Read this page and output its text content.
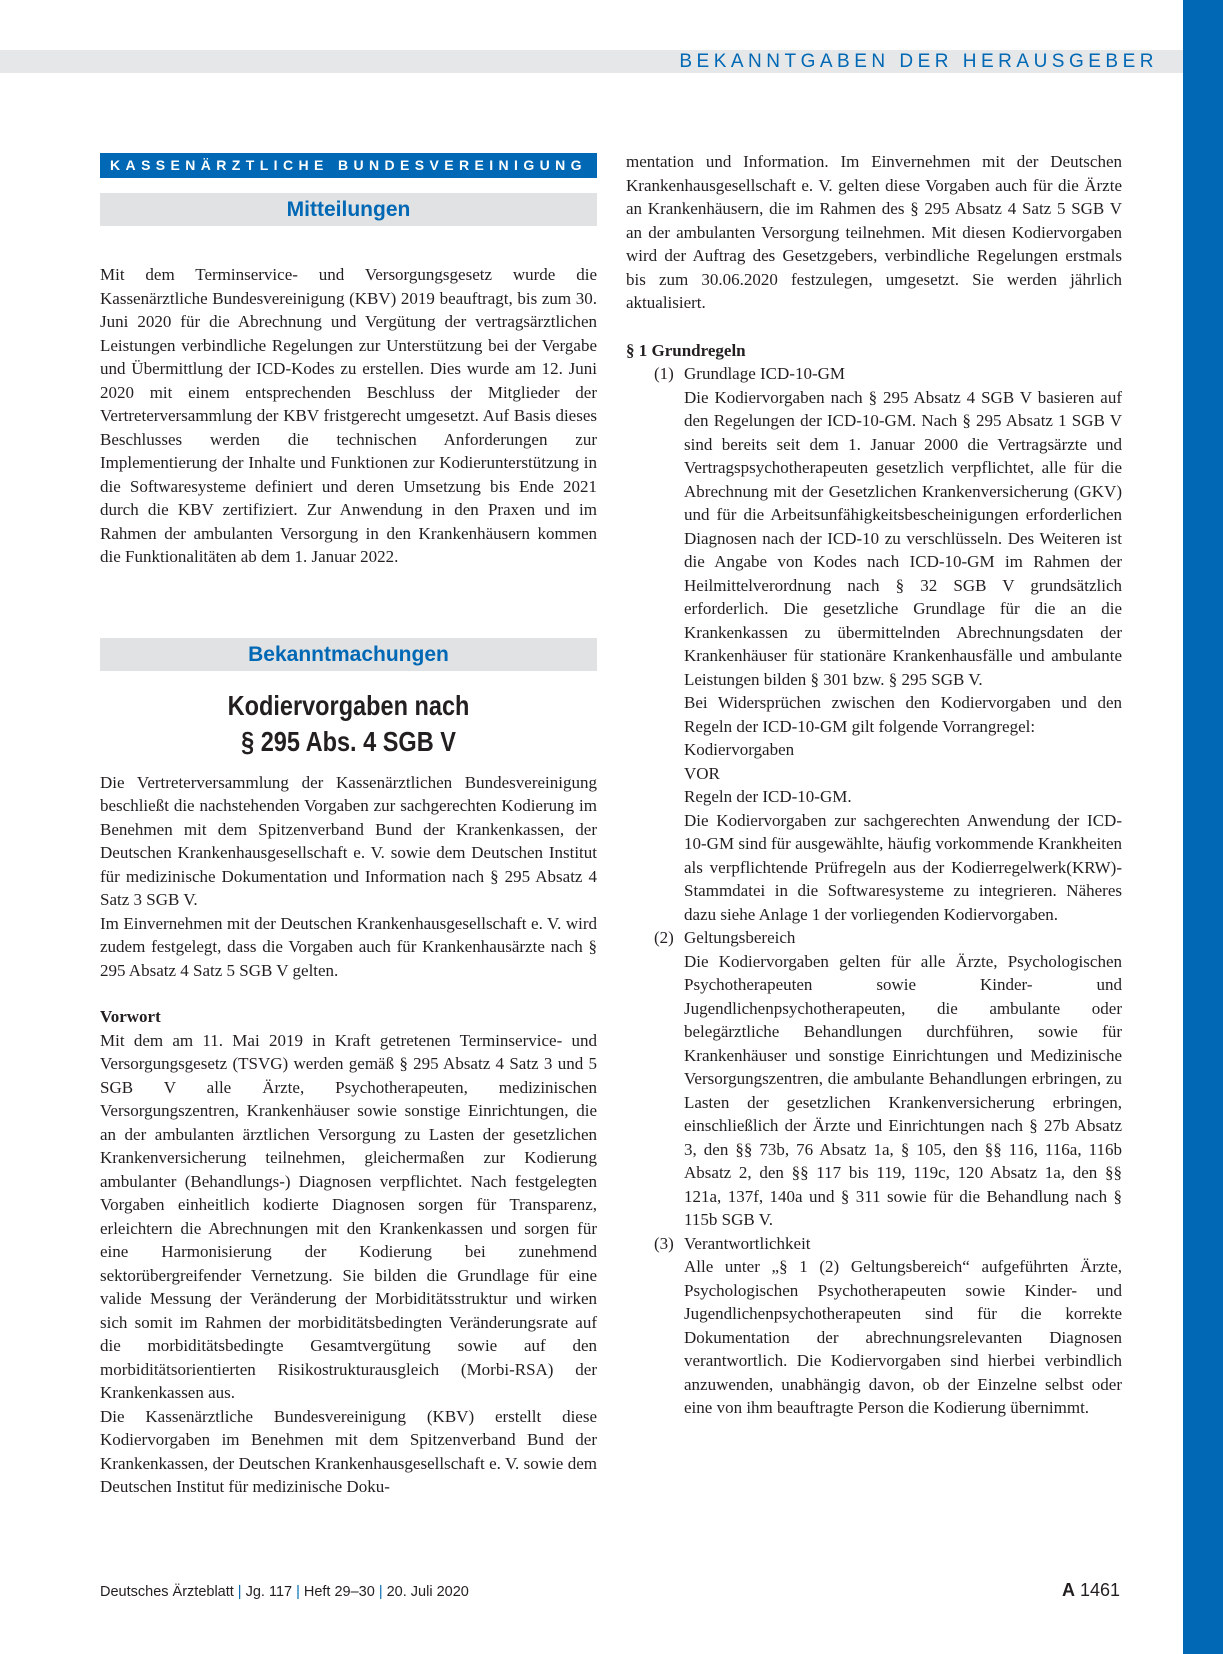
BEKANNTGABEN DER HERAUSGEBER
KASSENÄRZTLICHE BUNDESVEREINIGUNG
Mitteilungen

Mit dem Terminservice- und Versorgungsgesetz wurde die Kassenärztliche Bundesvereinigung (KBV) 2019 beauftragt, bis zum 30. Juni 2020 für die Abrechnung und Vergütung der vertragsärztlichen Leistungen verbindliche Regelungen zur Unterstützung bei der Vergabe und Übermittlung der ICD-Kodes zu erstellen. Dies wurde am 12. Juni 2020 mit einem entsprechenden Beschluss der Mitglieder der Vertreterversammlung der KBV fristgerecht umgesetzt. Auf Basis dieses Beschlusses werden die technischen Anforderungen zur Implementierung der Inhalte und Funktionen zur Kodierunterstützung in die Softwaresysteme definiert und deren Umsetzung bis Ende 2021 durch die KBV zertifiziert. Zur Anwendung in den Praxen und im Rahmen der ambulanten Versorgung in den Krankenhäusern kommen die Funktionalitäten ab dem 1. Januar 2022.

Bekanntmachungen
Kodiervorgaben nach
§ 295 Abs. 4 SGB V

Die Vertreterversammlung der Kassenärztlichen Bundesvereinigung beschließt die nachstehenden Vorgaben zur sachgerechten Kodierung im Benehmen mit dem Spitzenverband Bund der Krankenkassen, der Deutschen Krankenhausgesellschaft e. V. sowie dem Deutschen Institut für medizinische Dokumentation und Information nach § 295 Absatz 4 Satz 3 SGB V.

Im Einvernehmen mit der Deutschen Krankenhausgesellschaft e. V. wird zudem festgelegt, dass die Vorgaben auch für Krankenhausärzte nach § 295 Absatz 4 Satz 5 SGB V gelten.

Vorwort

Mit dem am 11. Mai 2019 in Kraft getretenen Terminservice- und Versorgungsgesetz (TSVG) werden gemäß § 295 Absatz 4 Satz 3 und 5 SGB V alle Ärzte, Psychotherapeuten, medizinischen Versorgungszentren, Krankenhäuser sowie sonstige Einrichtungen, die an der ambulanten ärztlichen Versorgung zu Lasten der gesetzlichen Krankenversicherung teilnehmen, gleichermaßen zur Kodierung ambulanter (Behandlungs-) Diagnosen verpflichtet. Nach festgelegten Vorgaben einheitlich kodierte Diagnosen sorgen für Transparenz, erleichtern die Abrechnungen mit den Krankenkassen und sorgen für eine Harmonisierung der Kodierung bei zunehmend sektorübergreifender Vernetzung. Sie bilden die Grundlage für eine valide Messung der Veränderung der Morbiditätsstruktur und wirken sich somit im Rahmen der morbiditätsbedingten Veränderungsrate auf die morbiditätsbedingte Gesamtvergütung sowie auf den morbiditätsorientierten Risikostrukturausgleich (Morbi-RSA) der Krankenkassen aus.

Die Kassenärztliche Bundesvereinigung (KBV) erstellt diese Kodiervorgaben im Benehmen mit dem Spitzenverband Bund der Krankenkassen, der Deutschen Krankenhausgesellschaft e. V. sowie dem Deutschen Institut für medizinische Doku-

mentation und Information. Im Einvernehmen mit der Deutschen Krankenhausgesellschaft e. V. gelten diese Vorgaben auch für die Ärzte an Krankenhäusern, die im Rahmen des § 295 Absatz 4 Satz 5 SGB V an der ambulanten Versorgung teilnehmen. Mit diesen Kodiervorgaben wird der Auftrag des Gesetzgebers, verbindliche Regelungen erstmals bis zum 30.06.2020 festzulegen, umgesetzt. Sie werden jährlich aktualisiert.

§ 1 Grundregeln
(1) Grundlage ICD-10-GM

Die Kodiervorgaben nach § 295 Absatz 4 SGB V basieren auf den Regelungen der ICD-10-GM. Nach § 295 Absatz 1 SGB V sind bereits seit dem 1. Januar 2000 die Vertragsärzte und Vertragspsychotherapeuten gesetzlich verpflichtet, alle für die Abrechnung mit der Gesetzlichen Krankenversicherung (GKV) und für die Arbeitsunfähigkeitsbescheinigungen erforderlichen Diagnosen nach der ICD-10 zu verschlüsseln. Des Weiteren ist die Angabe von Kodes nach ICD-10-GM im Rahmen der Heilmittelverordnung nach § 32 SGB V grundsätzlich erforderlich. Die gesetzliche Grundlage für die an die Krankenkassen zu übermittelnden Abrechnungsdaten der Krankenhäuser für stationäre Krankenhausfälle und ambulante Leistungen bilden § 301 bzw. § 295 SGB V.

Bei Widersprüchen zwischen den Kodiervorgaben und den Regeln der ICD-10-GM gilt folgende Vorrangregel:

Kodiervorgaben
VOR
Regeln der ICD-10-GM.

Die Kodiervorgaben zur sachgerechten Anwendung der ICD-10-GM sind für ausgewählte, häufig vorkommende Krankheiten als verpflichtende Prüfregeln aus der Kodierregelwerk(KRW)-Stammdatei in die Softwaresysteme zu integrieren. Näheres dazu siehe Anlage 1 der vorliegenden Kodiervorgaben.

(2) Geltungsbereich

Die Kodiervorgaben gelten für alle Ärzte, Psychologischen Psychotherapeuten sowie Kinder- und Jugendlichenpsychotherapeuten, die ambulante oder belegärztliche Behandlungen durchführen, sowie für Krankenhäuser und sonstige Einrichtungen und Medizinische Versorgungszentren, die ambulante Behandlungen erbringen, zu Lasten der gesetzlichen Krankenversicherung erbringen, einschließlich der Ärzte und Einrichtungen nach § 27b Absatz 3, den §§ 73b, 76 Absatz 1a, § 105, den §§ 116, 116a, 116b Absatz 2, den §§ 117 bis 119, 119c, 120 Absatz 1a, den §§ 121a, 137f, 140a und § 311 sowie für die Behandlung nach § 115b SGB V.

(3) Verantwortlichkeit

Alle unter „§ 1 (2) Geltungsbereich“ aufgeführten Ärzte, Psychologischen Psychotherapeuten sowie Kinder- und Jugendlichenpsychotherapeuten sind für die korrekte Dokumentation der abrechnungsrelevanten Diagnosen verantwortlich. Die Kodiervorgaben sind hierbei verbindlich anzuwenden, unabhängig davon, ob der Einzelne selbst oder eine von ihm beauftragte Person die Kodierung übernimmt.

Deutsches Ärzteblatt | Jg. 117 | Heft 29–30 | 20. Juli 2020	A 1461
